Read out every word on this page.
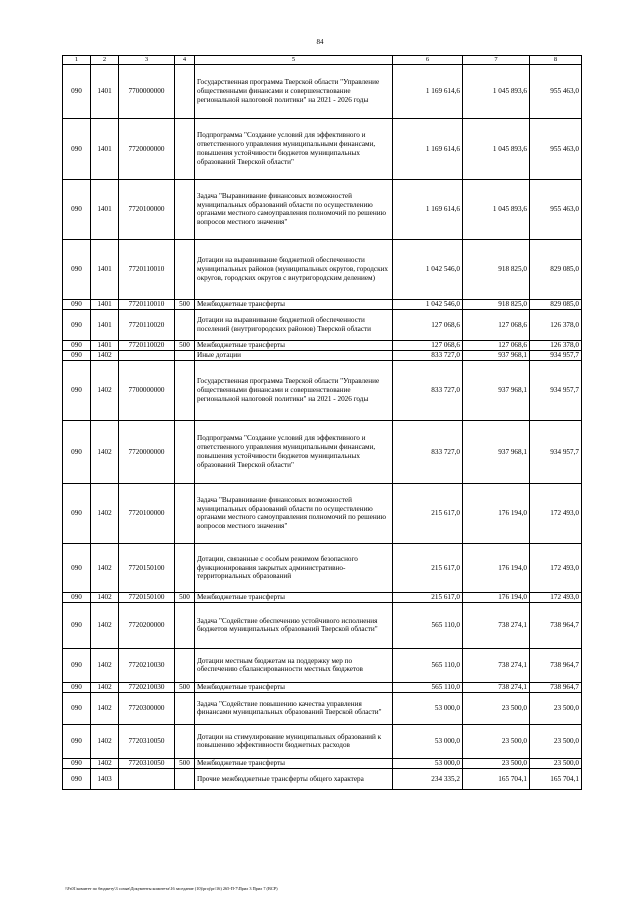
84
1	2	3	4	5	6	7	8
090	1401	7700000000		Государственная программа Тверской области "Управление общественными финансами и совершенствование региональной налоговой политики" на 2021 - 2026 годы	1 169 614,6	1 045 893,6	955 463,0
090	1401	7720000000		Подпрограмма "Создание условий для эффективного и ответственного управления муниципальными финансами, повышения устойчивости бюджетов муниципальных образований Тверской области"	1 169 614,6	1 045 893,6	955 463,0
090	1401	7720100000		Задача "Выравнивание финансовых возможностей муниципальных образований области по осуществлению органами местного самоуправления полномочий по решению вопросов местного значения"	1 169 614,6	1 045 893,6	955 463,0
090	1401	7720110010		Дотации на выравнивание бюджетной обеспеченности муниципальных районов (муниципальных округов, городских округов, городских округов с внутригородским делением)	1 042 546,0	918 825,0	829 085,0
090	1401	7720110010	500	Межбюджетные трансферты	1 042 546,0	918 825,0	829 085,0
090	1401	7720110020		Дотации на выравнивание бюджетной обеспеченности поселений (внутригородских районов) Тверской области	127 068,6	127 068,6	126 378,0
090	1401	7720110020	500	Межбюджетные трансферты	127 068,6	127 068,6	126 378,0
090	1402			Иные дотации	833 727,0	937 968,1	934 957,7
090	1402	7700000000		Государственная программа Тверской области "Управление общественными финансами и совершенствование региональной налоговой политики" на 2021 - 2026 годы	833 727,0	937 968,1	934 957,7
090	1402	7720000000		Подпрограмма "Создание условий для эффективного и ответственного управления муниципальными финансами, повышения устойчивости бюджетов муниципальных образований Тверской области"	833 727,0	937 968,1	934 957,7
090	1402	7720100000		Задача "Выравнивание финансовых возможностей муниципальных образований области по осуществлению органами местного самоуправления полномочий по решению вопросов местного значения"	215 617,0	176 194,0	172 493,0
090	1402	7720150100		Дотации, связанные с особым режимом безопасного функционирования закрытых административно-территориальных образований	215 617,0	176 194,0	172 493,0
090	1402	7720150100	500	Межбюджетные трансферты	215 617,0	176 194,0	172 493,0
090	1402	7720200000		Задача "Содействие обеспечению устойчивого исполнения бюджетов муниципальных образований Тверской области"	565 110,0	738 274,1	738 964,7
090	1402	7720210030		Дотации местным бюджетам на поддержку мер по обеспечению сбалансированности местных бюджетов	565 110,0	738 274,1	738 964,7
090	1402	7720210030	500	Межбюджетные трансферты	565 110,0	738 274,1	738 964,7
090	1402	7720300000		Задача "Содействие повышению качества управления финансами муниципальных образований Тверской области"	53 000,0	23 500,0	23 500,0
090	1402	7720310050		Дотации на стимулирование муниципальных образований к повышению эффективности бюджетных расходов	53 000,0	23 500,0	23 500,0
090	1402	7720310050	500	Межбюджетные трансферты	53 000,0	23 500,0	23 500,0
090	1403			Прочие межбюджетные трансферты общего характера	234 335,2	165 704,1	165 704,1
\\Fs01\комитет по бюджету\3 созыв\Документы комитета\16 заседание (10)\proj\pr\16) 265-П-7\Прил 3 Прил 7 (ВСР)
